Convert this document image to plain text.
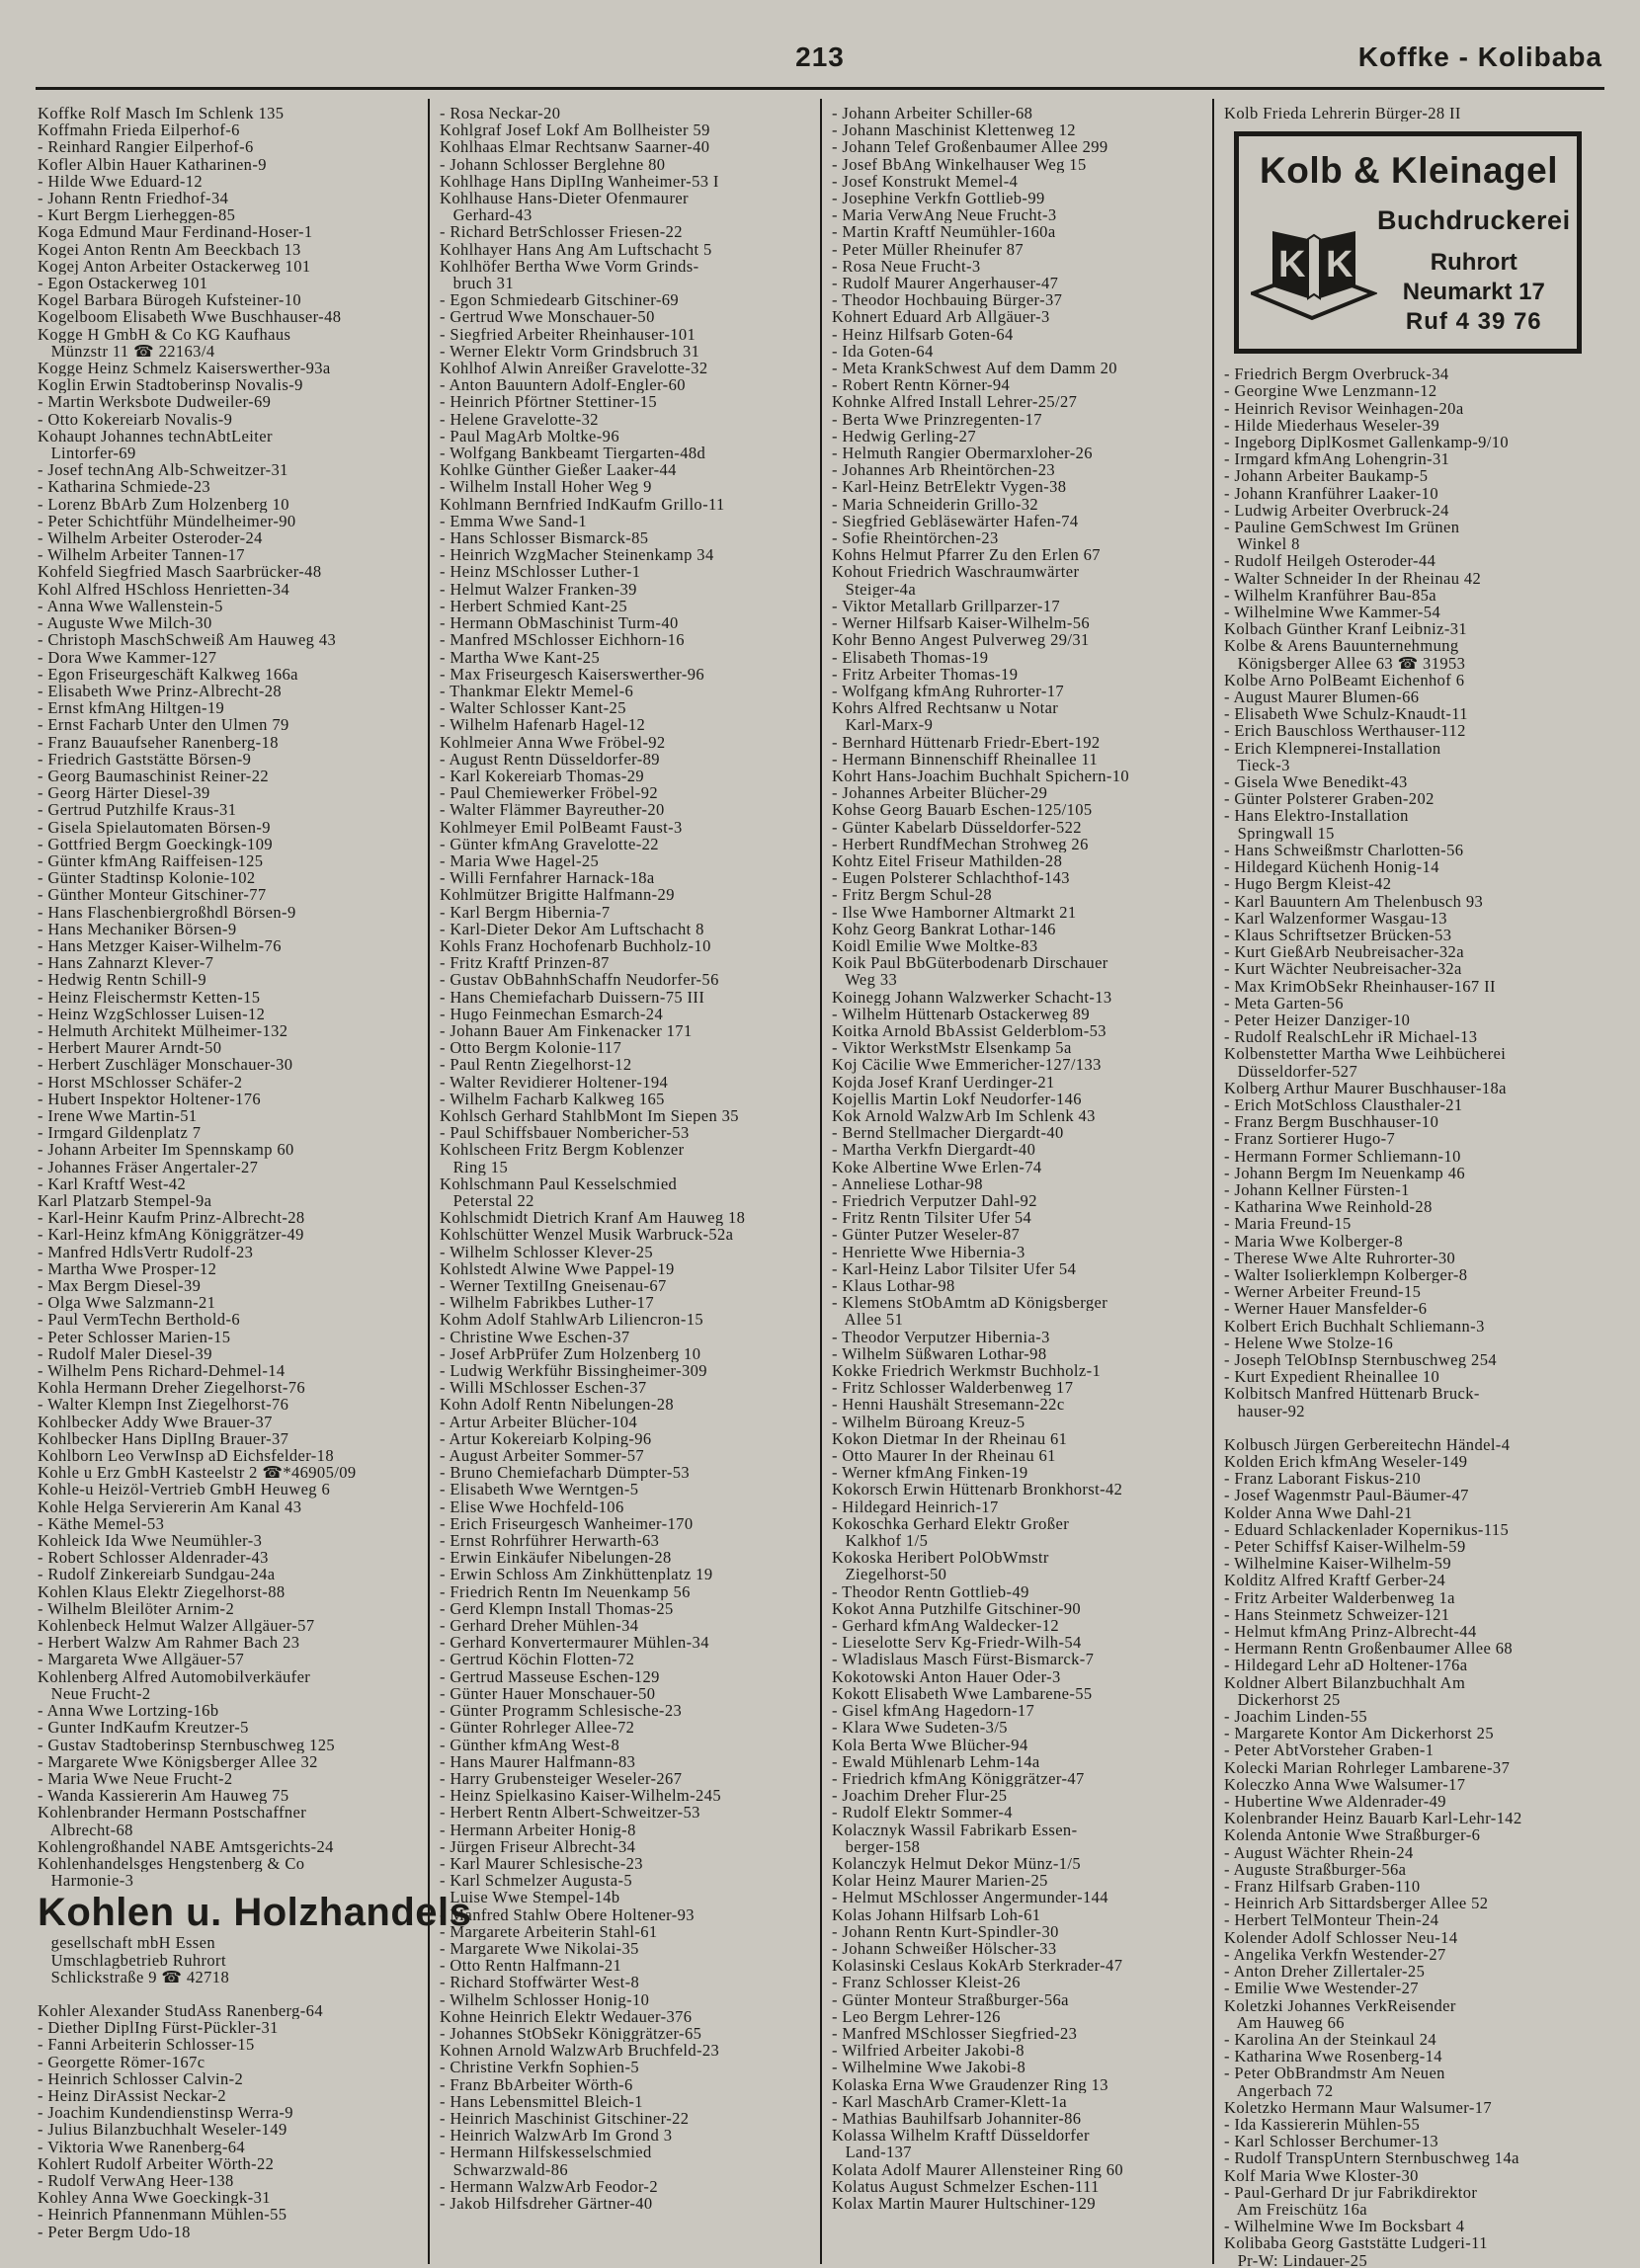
213	Koffke - Kolibaba
Koffke Rolf Masch Im Schlenk 135
Koffmahn Frieda Eilperhof-6
- Reinhard Rangier Eilperhof-6
Kofler Albin Hauer Katharinen-9
- Hilde Wwe Eduard-12
- Johann Rentn Friedhof-34
- Kurt Bergm Lierheggen-85
Koga Edmund Maur Ferdinand-Hoser-1
Kogei Anton Rentn Am Beeckbach 13
Kogej Anton Arbeiter Ostackerweg 101
- Egon Ostackerweg 101
Kogel Barbara Bürogeh Kufsteiner-10
Kogelboom Elisabeth Wwe Buschhauser-48
Kogge H GmbH & Co KG Kaufhaus
Münzstr 11 ☎ 22163/4
Kogge Heinz Schmelz Kaiserswerther-93a
Koglin Erwin Stadtoberinsp Novalis-9
- Martin Werksbote Dudweiler-69
- Otto Kokereiarb Novalis-9
Kohaupt Johannes technAbtLeiter
Lintorfer-69
- Josef technAng Alb-Schweitzer-31
- Katharina Schmiede-23
- Lorenz BbArb Zum Holzenberg 10
- Peter Schichtführ Mündelheimer-90
- Wilhelm Arbeiter Osteroder-24
- Wilhelm Arbeiter Tannen-17
Kohfeld Siegfried Masch Saarbrücker-48
Kohl Alfred HSchloss Henrietten-34
- Anna Wwe Wallenstein-5
- Auguste Wwe Milch-30
- Christoph MaschSchweiß Am Hauweg 43
- Dora Wwe Kammer-127
- Egon Friseurgeschäft Kalkweg 166a
- Elisabeth Wwe Prinz-Albrecht-28
- Ernst kfmAng Hiltgen-19
- Ernst Facharb Unter den Ulmen 79
- Franz Bauaufseher Ranenberg-18
- Friedrich Gaststätte Börsen-9
- Georg Baumaschinist Reiner-22
- Georg Härter Diesel-39
- Gertrud Putzhilfe Kraus-31
- Gisela Spielautomaten Börsen-9
- Gottfried Bergm Goeckingk-109
- Günter kfmAng Raiffeisen-125
- Günter Stadtinsp Kolonie-102
- Günther Monteur Gitschiner-77
- Hans Flaschenbiergroßhdl Börsen-9
- Hans Mechaniker Börsen-9
- Hans Metzger Kaiser-Wilhelm-76
- Hans Zahnarzt Klever-7
- Hedwig Rentn Schill-9
- Heinz Fleischermstr Ketten-15
- Heinz WzgSchlosser Luisen-12
- Helmuth Architekt Mülheimer-132
- Herbert Maurer Arndt-50
- Herbert Zuschläger Monschauer-30
- Horst MSchlosser Schäfer-2
- Hubert Inspektor Holtener-176
- Irene Wwe Martin-51
- Irmgard Gildenplatz 7
- Johann Arbeiter Im Spennskamp 60
- Johannes Fräser Angertaler-27
- Karl Kraftf West-42
Karl Platzarb Stempel-9a
- Karl-Heinr Kaufm Prinz-Albrecht-28
- Karl-Heinz kfmAng Königgrätzer-49
- Manfred HdlsVertr Rudolf-23
- Martha Wwe Prosper-12
- Max Bergm Diesel-39
- Olga Wwe Salzmann-21
- Paul VermTechn Berthold-6
- Peter Schlosser Marien-15
- Rudolf Maler Diesel-39
- Wilhelm Pens Richard-Dehmel-14
Kohla Hermann Dreher Ziegelhorst-76
- Walter Klempn Inst Ziegelhorst-76
Kohlbecker Addy Wwe Brauer-37
Kohlbecker Hans DiplIng Brauer-37
Kohlborn Leo VerwInsp aD Eichsfelder-18
Kohle u Erz GmbH Kasteelstr 2 ☎*46905/09
Kohle-u Heizöl-Vertrieb GmbH Heuweg 6
Kohle Helga Serviererin Am Kanal 43
- Käthe Memel-53
Kohleick Ida Wwe Neumühler-3
- Robert Schlosser Aldenrader-43
- Rudolf Zinkereiarb Sundgau-24a
Kohlen Klaus Elektr Ziegelhorst-88
- Wilhelm Bleilöter Arnim-2
Kohlenbeck Helmut Walzer Allgäuer-57
- Herbert Walzw Am Rahmer Bach 23
- Margareta Wwe Allgäuer-57
Kohlenberg Alfred Automobilverkäufer
Neue Frucht-2
- Anna Wwe Lortzing-16b
- Gunter IndKaufm Kreutzer-5
- Gustav Stadtoberinsp Sternbuschweg 125
- Margarete Wwe Königsberger Allee 32
- Maria Wwe Neue Frucht-2
- Wanda Kassiererin Am Hauweg 75
Kohlenbrander Hermann Postschaffner
Albrecht-68
Kohlengroßhandel NABE Amtsgerichts-24
Kohlenhandelsges Hengstenberg & Co
Harmonie-3
Kohlen u. Holzhandels
gesellschaft mbH Essen
Umschlagbetrieb Ruhrort
Schlickstraße 9 ☎ 42718
Kohler Alexander StudAss Ranenberg-64
- Diether DiplIng Fürst-Pückler-31
- Fanni Arbeiterin Schlosser-15
- Georgette Römer-167c
- Heinrich Schlosser Calvin-2
- Heinz DirAssist Neckar-2
- Joachim Kundendienstinsp Werra-9
- Julius Bilanzbuchhalt Weseler-149
- Viktoria Wwe Ranenberg-64
Kohlert Rudolf Arbeiter Wörth-22
- Rudolf VerwAng Heer-138
Kohley Anna Wwe Goeckingk-31
- Heinrich Pfannenmann Mühlen-55
- Peter Bergm Udo-18
- Rosa Neckar-20
Kohlgraf Josef Lokf Am Bollheister 59
Kohlhaas Elmar Rechtsanw Saarner-40
- Johann Schlosser Berglehne 80
Kohlhage Hans DiplIng Wanheimer-53 I
Kohlhause Hans-Dieter Ofenmaurer
Gerhard-43
- Richard BetrSchlosser Friesen-22
Kohlhayer Hans Ang Am Luftschacht 5
Kohlhöfer Bertha Wwe Vorm Grinds-
bruch 31
- Egon Schmiedearb Gitschiner-69
- Gertrud Wwe Monschauer-50
- Siegfried Arbeiter Rheinhauser-101
- Werner Elektr Vorm Grindsbruch 31
Kohlhof Alwin Anreißer Gravelotte-32
- Anton Bauuntern Adolf-Engler-60
- Heinrich Pförtner Stettiner-15
- Helene Gravelotte-32
- Paul MagArb Moltke-96
- Wolfgang Bankbeamt Tiergarten-48d
Kohlke Günther Gießer Laaker-44
- Wilhelm Install Hoher Weg 9
Kohlmann Bernfried IndKaufm Grillo-11
- Emma Wwe Sand-1
- Hans Schlosser Bismarck-85
- Heinrich WzgMacher Steinenkamp 34
- Heinz MSchlosser Luther-1
- Helmut Walzer Franken-39
- Herbert Schmied Kant-25
- Hermann ObMaschinist Turm-40
- Manfred MSchlosser Eichhorn-16
- Martha Wwe Kant-25
- Max Friseurgesch Kaiserswerther-96
- Thankmar Elektr Memel-6
- Walter Schlosser Kant-25
- Wilhelm Hafenarb Hagel-12
Kohlmeier Anna Wwe Fröbel-92
- August Rentn Düsseldorfer-89
- Karl Kokereiarb Thomas-29
- Paul Chemiewerker Fröbel-92
- Walter Flämmer Bayreuther-20
Kohlmeyer Emil PolBeamt Faust-3
- Günter kfmAng Gravelotte-22
- Maria Wwe Hagel-25
- Willi Fernfahrer Harnack-18a
Kohlmützer Brigitte Halfmann-29
- Karl Bergm Hibernia-7
- Karl-Dieter Dekor Am Luftschacht 8
Kohls Franz Hochofenarb Buchholz-10
- Fritz Kraftf Prinzen-87
- Gustav ObBahnhSchaffn Neudorfer-56
- Hans Chemiefacharb Duissern-75 III
- Hugo Feinmechan Esmarch-24
- Johann Bauer Am Finkenacker 171
- Otto Bergm Kolonie-117
- Paul Rentn Ziegelhorst-12
- Walter Revidierer Holtener-194
- Wilhelm Facharb Kalkweg 165
Kohlsch Gerhard StahlbMont Im Siepen 35
- Paul Schiffsbauer Nombericher-53
Kohlscheen Fritz Bergm Koblenzer
Ring 15
Kohlschmann Paul Kesselschmied
Peterstal 22
Kohlschmidt Dietrich Kranf Am Hauweg 18
Kohlschütter Wenzel Musik Warbruck-52a
- Wilhelm Schlosser Klever-25
Kohlstedt Alwine Wwe Pappel-19
- Werner TextilIng Gneisenau-67
- Wilhelm Fabrikbes Luther-17
Kohm Adolf StahlwArb Liliencron-15
- Christine Wwe Eschen-37
- Josef ArbPrüfer Zum Holzenberg 10
- Ludwig Werkführ Bissingheimer-309
- Willi MSchlosser Eschen-37
Kohn Adolf Rentn Nibelungen-28
- Artur Arbeiter Blücher-104
- Artur Kokereiarb Kolping-96
- August Arbeiter Sommer-57
- Bruno Chemiefacharb Dümpter-53
- Elisabeth Wwe Werntgen-5
- Elise Wwe Hochfeld-106
- Erich Friseurgesch Wanheimer-170
- Ernst Rohrführer Herwarth-63
- Erwin Einkäufer Nibelungen-28
- Erwin Schloss Am Zinkhüttenplatz 19
- Friedrich Rentn Im Neuenkamp 56
- Gerd Klempn Install Thomas-25
- Gerhard Dreher Mühlen-34
- Gerhard Konvertermaurer Mühlen-34
- Gertrud Köchin Flotten-72
- Gertrud Masseuse Eschen-129
- Günter Hauer Monschauer-50
- Günter Programm Schlesische-23
- Günter Rohrleger Allee-72
- Günther kfmAng West-8
- Hans Maurer Halfmann-83
- Harry Grubensteiger Weseler-267
- Heinz Spielkasino Kaiser-Wilhelm-245
- Herbert Rentn Albert-Schweitzer-53
- Hermann Arbeiter Honig-8
- Jürgen Friseur Albrecht-34
- Karl Maurer Schlesische-23
- Karl Schmelzer Augusta-5
- Luise Wwe Stempel-14b
- Manfred Stahlw Obere Holtener-93
- Margarete Arbeiterin Stahl-61
- Margarete Wwe Nikolai-35
- Otto Rentn Halfmann-21
- Richard Stoffwärter West-8
- Wilhelm Schlosser Honig-10
Kohne Heinrich Elektr Wedauer-376
- Johannes StObSekr Königgrätzer-65
Kohnen Arnold WalzwArb Bruchfeld-23
- Christine Verkfn Sophien-5
- Franz BbArbeiter Wörth-6
- Hans Lebensmittel Bleich-1
- Heinrich Maschinist Gitschiner-22
- Heinrich WalzwArb Im Grond 3
- Hermann Hilfskesselschmied
Schwarzwald-86
- Hermann WalzwArb Feodor-2
- Jakob Hilfsdreher Gärtner-40
- Johann Arbeiter Schiller-68
- Johann Maschinist Klettenweg 12
- Johann Telef Großenbaumer Allee 299
- Josef BbAng Winkelhauser Weg 15
- Josef Konstrukt Memel-4
- Josephine Verkfn Gottlieb-99
- Maria VerwAng Neue Frucht-3
- Martin Kraftf Neumühler-160a
- Peter Müller Rheinufer 87
- Rosa Neue Frucht-3
- Rudolf Maurer Angerhauser-47
- Theodor Hochbauing Bürger-37
Kohnert Eduard Arb Allgäuer-3
- Heinz Hilfsarb Goten-64
- Ida Goten-64
- Meta KrankSchwest Auf dem Damm 20
- Robert Rentn Körner-94
Kohnke Alfred Install Lehrer-25/27
- Berta Wwe Prinzregenten-17
- Hedwig Gerling-27
- Helmuth Rangier Obermarxloher-26
- Johannes Arb Rheintörchen-23
- Karl-Heinz BetrElektr Vygen-38
- Maria Schneiderin Grillo-32
- Siegfried Gebläsewärter Hafen-74
- Sofie Rheintörchen-23
Kohns Helmut Pfarrer Zu den Erlen 67
Kohout Friedrich Waschraumwärter
Steiger-4a
- Viktor Metallarb Grillparzer-17
- Werner Hilfsarb Kaiser-Wilhelm-56
Kohr Benno Angest Pulverweg 29/31
- Elisabeth Thomas-19
- Fritz Arbeiter Thomas-19
- Wolfgang kfmAng Ruhrorter-17
Kohrs Alfred Rechtsanw u Notar
Karl-Marx-9
- Bernhard Hüttenarb Friedr-Ebert-192
- Hermann Binnenschiff Rheinallee 11
Kohrt Hans-Joachim Buchhalt Spichern-10
- Johannes Arbeiter Blücher-29
Kohse Georg Bauarb Eschen-125/105
- Günter Kabelarb Düsseldorfer-522
- Herbert RundfMechan Strohweg 26
Kohtz Eitel Friseur Mathilden-28
- Eugen Polsterer Schlachthof-143
- Fritz Bergm Schul-28
- Ilse Wwe Hamborner Altmarkt 21
Kohz Georg Bankrat Lothar-146
Koidl Emilie Wwe Moltke-83
Koik Paul BbGüterbodenarb Dirschauer
Weg 33
Koinegg Johann Walzwerker Schacht-13
- Wilhelm Hüttenarb Ostackerweg 89
Koitka Arnold BbAssist Gelderblom-53
- Viktor WerkstMstr Elsenkamp 5a
Koj Cäcilie Wwe Emmericher-127/133
Kojda Josef Kranf Uerdinger-21
Kojellis Martin Lokf Neudorfer-146
Kok Arnold WalzwArb Im Schlenk 43
- Bernd Stellmacher Diergardt-40
- Martha Verkfn Diergardt-40
Koke Albertine Wwe Erlen-74
- Anneliese Lothar-98
- Friedrich Verputzer Dahl-92
- Fritz Rentn Tilsiter Ufer 54
- Günter Putzer Weseler-87
- Henriette Wwe Hibernia-3
- Karl-Heinz Labor Tilsiter Ufer 54
- Klaus Lothar-98
- Klemens StObAmtm aD Königsberger
Allee 51
- Theodor Verputzer Hibernia-3
- Wilhelm Süßwaren Lothar-98
Kokke Friedrich Werkmstr Buchholz-1
- Fritz Schlosser Walderbenweg 17
- Henni Haushält Stresemann-22c
- Wilhelm Büroang Kreuz-5
Kokon Dietmar In der Rheinau 61
- Otto Maurer In der Rheinau 61
- Werner kfmAng Finken-19
Kokorsch Erwin Hüttenarb Bronkhorst-42
- Hildegard Heinrich-17
Kokoschka Gerhard Elektr Großer
Kalkhof 1/5
Kokoska Heribert PolObWmstr
Ziegelhorst-50
- Theodor Rentn Gottlieb-49
Kokot Anna Putzhilfe Gitschiner-90
- Gerhard kfmAng Waldecker-12
- Lieselotte Serv Kg-Friedr-Wilh-54
- Wladislaus Masch Fürst-Bismarck-7
Kokotowski Anton Hauer Oder-3
Kokott Elisabeth Wwe Lambarene-55
- Gisel kfmAng Hagedorn-17
- Klara Wwe Sudeten-3/5
Kola Berta Wwe Blücher-94
- Ewald Mühlenarb Lehm-14a
- Friedrich kfmAng Königgrätzer-47
- Joachim Dreher Flur-25
- Rudolf Elektr Sommer-4
Kolacznyk Wassil Fabrikarb Essen-
berger-158
Kolanczyk Helmut Dekor Münz-1/5
Kolar Heinz Maurer Marien-25
- Helmut MSchlosser Angermunder-144
Kolas Johann Hilfsarb Loh-61
- Johann Rentn Kurt-Spindler-30
- Johann Schweißer Hölscher-33
Kolasinski Ceslaus KokArb Sterkrader-47
- Franz Schlosser Kleist-26
- Günter Monteur Straßburger-56a
- Leo Bergm Lehrer-126
- Manfred MSchlosser Siegfried-23
- Wilfried Arbeiter Jakobi-8
- Wilhelmine Wwe Jakobi-8
Kolaska Erna Wwe Graudenzer Ring 13
- Karl MaschArb Cramer-Klett-1a
- Mathias Bauhilfsarb Johanniter-86
Kolassa Wilhelm Kraftf Düsseldorfer
Land-137
Kolata Adolf Maurer Allensteiner Ring 60
Kolatus August Schmelzer Eschen-111
Kolax Martin Maurer Hultschiner-129
Kolb Frieda Lehrerin Bürger-28 II
Kolb & Kleinagel
K K
Buchdruckerei
Ruhrort
Neumarkt 17
Ruf 4 39 76
- Friedrich Bergm Overbruck-34
- Georgine Wwe Lenzmann-12
- Heinrich Revisor Weinhagen-20a
- Hilde Miederhaus Weseler-39
- Ingeborg DiplKosmet Gallenkamp-9/10
- Irmgard kfmAng Lohengrin-31
- Johann Arbeiter Baukamp-5
- Johann Kranführer Laaker-10
- Ludwig Arbeiter Overbruck-24
- Pauline GemSchwest Im Grünen
Winkel 8
- Rudolf Heilgeh Osteroder-44
- Walter Schneider In der Rheinau 42
- Wilhelm Kranführer Bau-85a
- Wilhelmine Wwe Kammer-54
Kolbach Günther Kranf Leibniz-31
Kolbe & Arens Bauunternehmung
Königsberger Allee 63 ☎ 31953
Kolbe Arno PolBeamt Eichenhof 6
- August Maurer Blumen-66
- Elisabeth Wwe Schulz-Knaudt-11
- Erich Bauschloss Werthauser-112
- Erich Klempnerei-Installation
Tieck-3
- Gisela Wwe Benedikt-43
- Günter Polsterer Graben-202
- Hans Elektro-Installation
Springwall 15
- Hans Schweißmstr Charlotten-56
- Hildegard Küchenh Honig-14
- Hugo Bergm Kleist-42
- Karl Bauuntern Am Thelenbusch 93
- Karl Walzenformer Wasgau-13
- Klaus Schriftsetzer Brücken-53
- Kurt GießArb Neubreisacher-32a
- Kurt Wächter Neubreisacher-32a
- Max KrimObSekr Rheinhauser-167 II
- Meta Garten-56
- Peter Heizer Danziger-10
- Rudolf RealschLehr iR Michael-13
Kolbenstetter Martha Wwe Leihbücherei
Düsseldorfer-527
Kolberg Arthur Maurer Buschhauser-18a
- Erich MotSchloss Clausthaler-21
- Franz Bergm Buschhauser-10
- Franz Sortierer Hugo-7
- Hermann Former Schliemann-10
- Johann Bergm Im Neuenkamp 46
- Johann Kellner Fürsten-1
- Katharina Wwe Reinhold-28
- Maria Freund-15
- Maria Wwe Kolberger-8
- Therese Wwe Alte Ruhrorter-30
- Walter Isolierklempn Kolberger-8
- Werner Arbeiter Freund-15
- Werner Hauer Mansfelder-6
Kolbert Erich Buchhalt Schliemann-3
- Helene Wwe Stolze-16
- Joseph TelObInsp Sternbuschweg 254
- Kurt Expedient Rheinallee 10
Kolbitsch Manfred Hüttenarb Bruck-
hauser-92
Kolbusch Jürgen Gerbereitechn Händel-4
Kolden Erich kfmAng Weseler-149
- Franz Laborant Fiskus-210
- Josef Wagenmstr Paul-Bäumer-47
Kolder Anna Wwe Dahl-21
- Eduard Schlackenlader Kopernikus-115
- Peter Schiffsf Kaiser-Wilhelm-59
- Wilhelmine Kaiser-Wilhelm-59
Kolditz Alfred Kraftf Gerber-24
- Fritz Arbeiter Walderbenweg 1a
- Hans Steinmetz Schweizer-121
- Helmut kfmAng Prinz-Albrecht-44
- Hermann Rentn Großenbaumer Allee 68
- Hildegard Lehr aD Holtener-176a
Koldner Albert Bilanzbuchhalt Am
Dickerhorst 25
- Joachim Linden-55
- Margarete Kontor Am Dickerhorst 25
- Peter AbtVorsteher Graben-1
Kolecki Marian Rohrleger Lambarene-37
Koleczko Anna Wwe Walsumer-17
- Hubertine Wwe Aldenrader-49
Kolenbrander Heinz Bauarb Karl-Lehr-142
Kolenda Antonie Wwe Straßburger-6
- August Wächter Rhein-24
- Auguste Straßburger-56a
- Franz Hilfsarb Graben-110
- Heinrich Arb Sittardsberger Allee 52
- Herbert TelMonteur Thein-24
Kolender Adolf Schlosser Neu-14
- Angelika Verkfn Westender-27
- Anton Dreher Zillertaler-25
- Emilie Wwe Westender-27
Koletzki Johannes VerkReisender
Am Hauweg 66
- Karolina An der Steinkaul 24
- Katharina Wwe Rosenberg-14
- Peter ObBrandmstr Am Neuen
Angerbach 72
Koletzko Hermann Maur Walsumer-17
- Ida Kassiererin Mühlen-55
- Karl Schlosser Berchumer-13
- Rudolf TranspUntern Sternbuschweg 14a
Kolf Maria Wwe Kloster-30
- Paul-Gerhard Dr jur Fabrikdirektor
Am Freischütz 16a
- Wilhelmine Wwe Im Bocksbart 4
Kolibaba Georg Gaststätte Ludgeri-11
Pr-W: Lindauer-25
